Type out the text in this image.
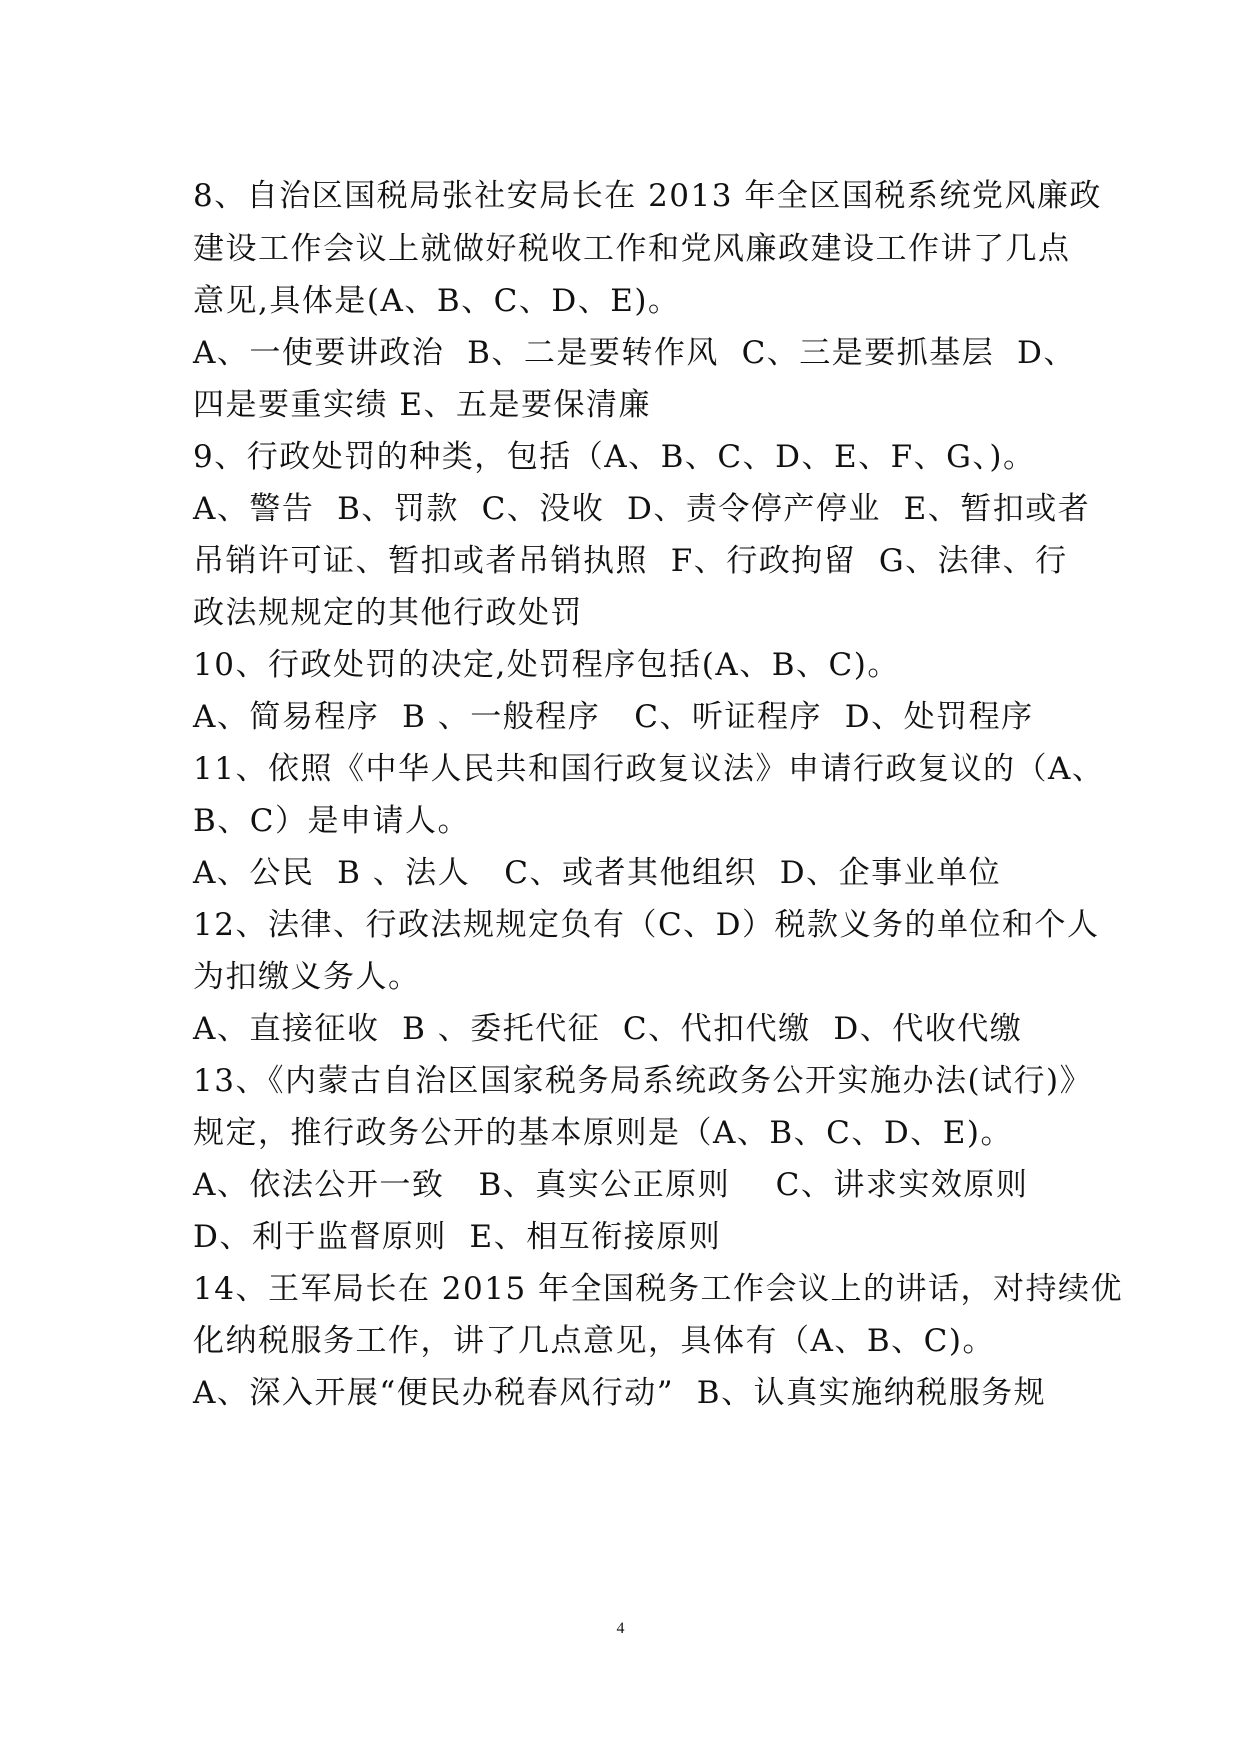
8、自治区国税局张社安局长在 2013 年全区国税系统党风廉政
建设工作会议上就做好税收工作和党风廉政建设工作讲了几点
意见,具体是(A、B、C、D、E)。
A、一使要讲政治  B、二是要转作风  C、三是要抓基层  D、
四是要重实绩 E、五是要保清廉
9、行政处罚的种类，包括（A、B、C、D、E、F、G、)。
A、警告  B、罚款  C、没收  D、责令停产停业  E、暂扣或者
吊销许可证、暂扣或者吊销执照  F、行政拘留  G、法律、行
政法规规定的其他行政处罚
10、行政处罚的决定,处罚程序包括(A、B、C)。
A、简易程序  B 、一般程序   C、听证程序  D、处罚程序
11、依照《中华人民共和国行政复议法》申请行政复议的（A、
B、C）是申请人。
A、公民  B 、法人   C、或者其他组织  D、企事业单位
12、法律、行政法规规定负有（C、D）税款义务的单位和个人
为扣缴义务人。
A、直接征收  B 、委托代征  C、代扣代缴  D、代收代缴
13、《内蒙古自治区国家税务局系统政务公开实施办法(试行)》
规定，推行政务公开的基本原则是（A、B、C、D、E)。
A、依法公开一致   B、真实公正原则    C、讲求实效原则
D、利于监督原则  E、相互衔接原则
14、王军局长在 2015 年全国税务工作会议上的讲话，对持续优
化纳税服务工作，讲了几点意见，具体有（A、B、C)。
A、深入开展“便民办税春风行动”  B、认真实施纳税服务规
4
